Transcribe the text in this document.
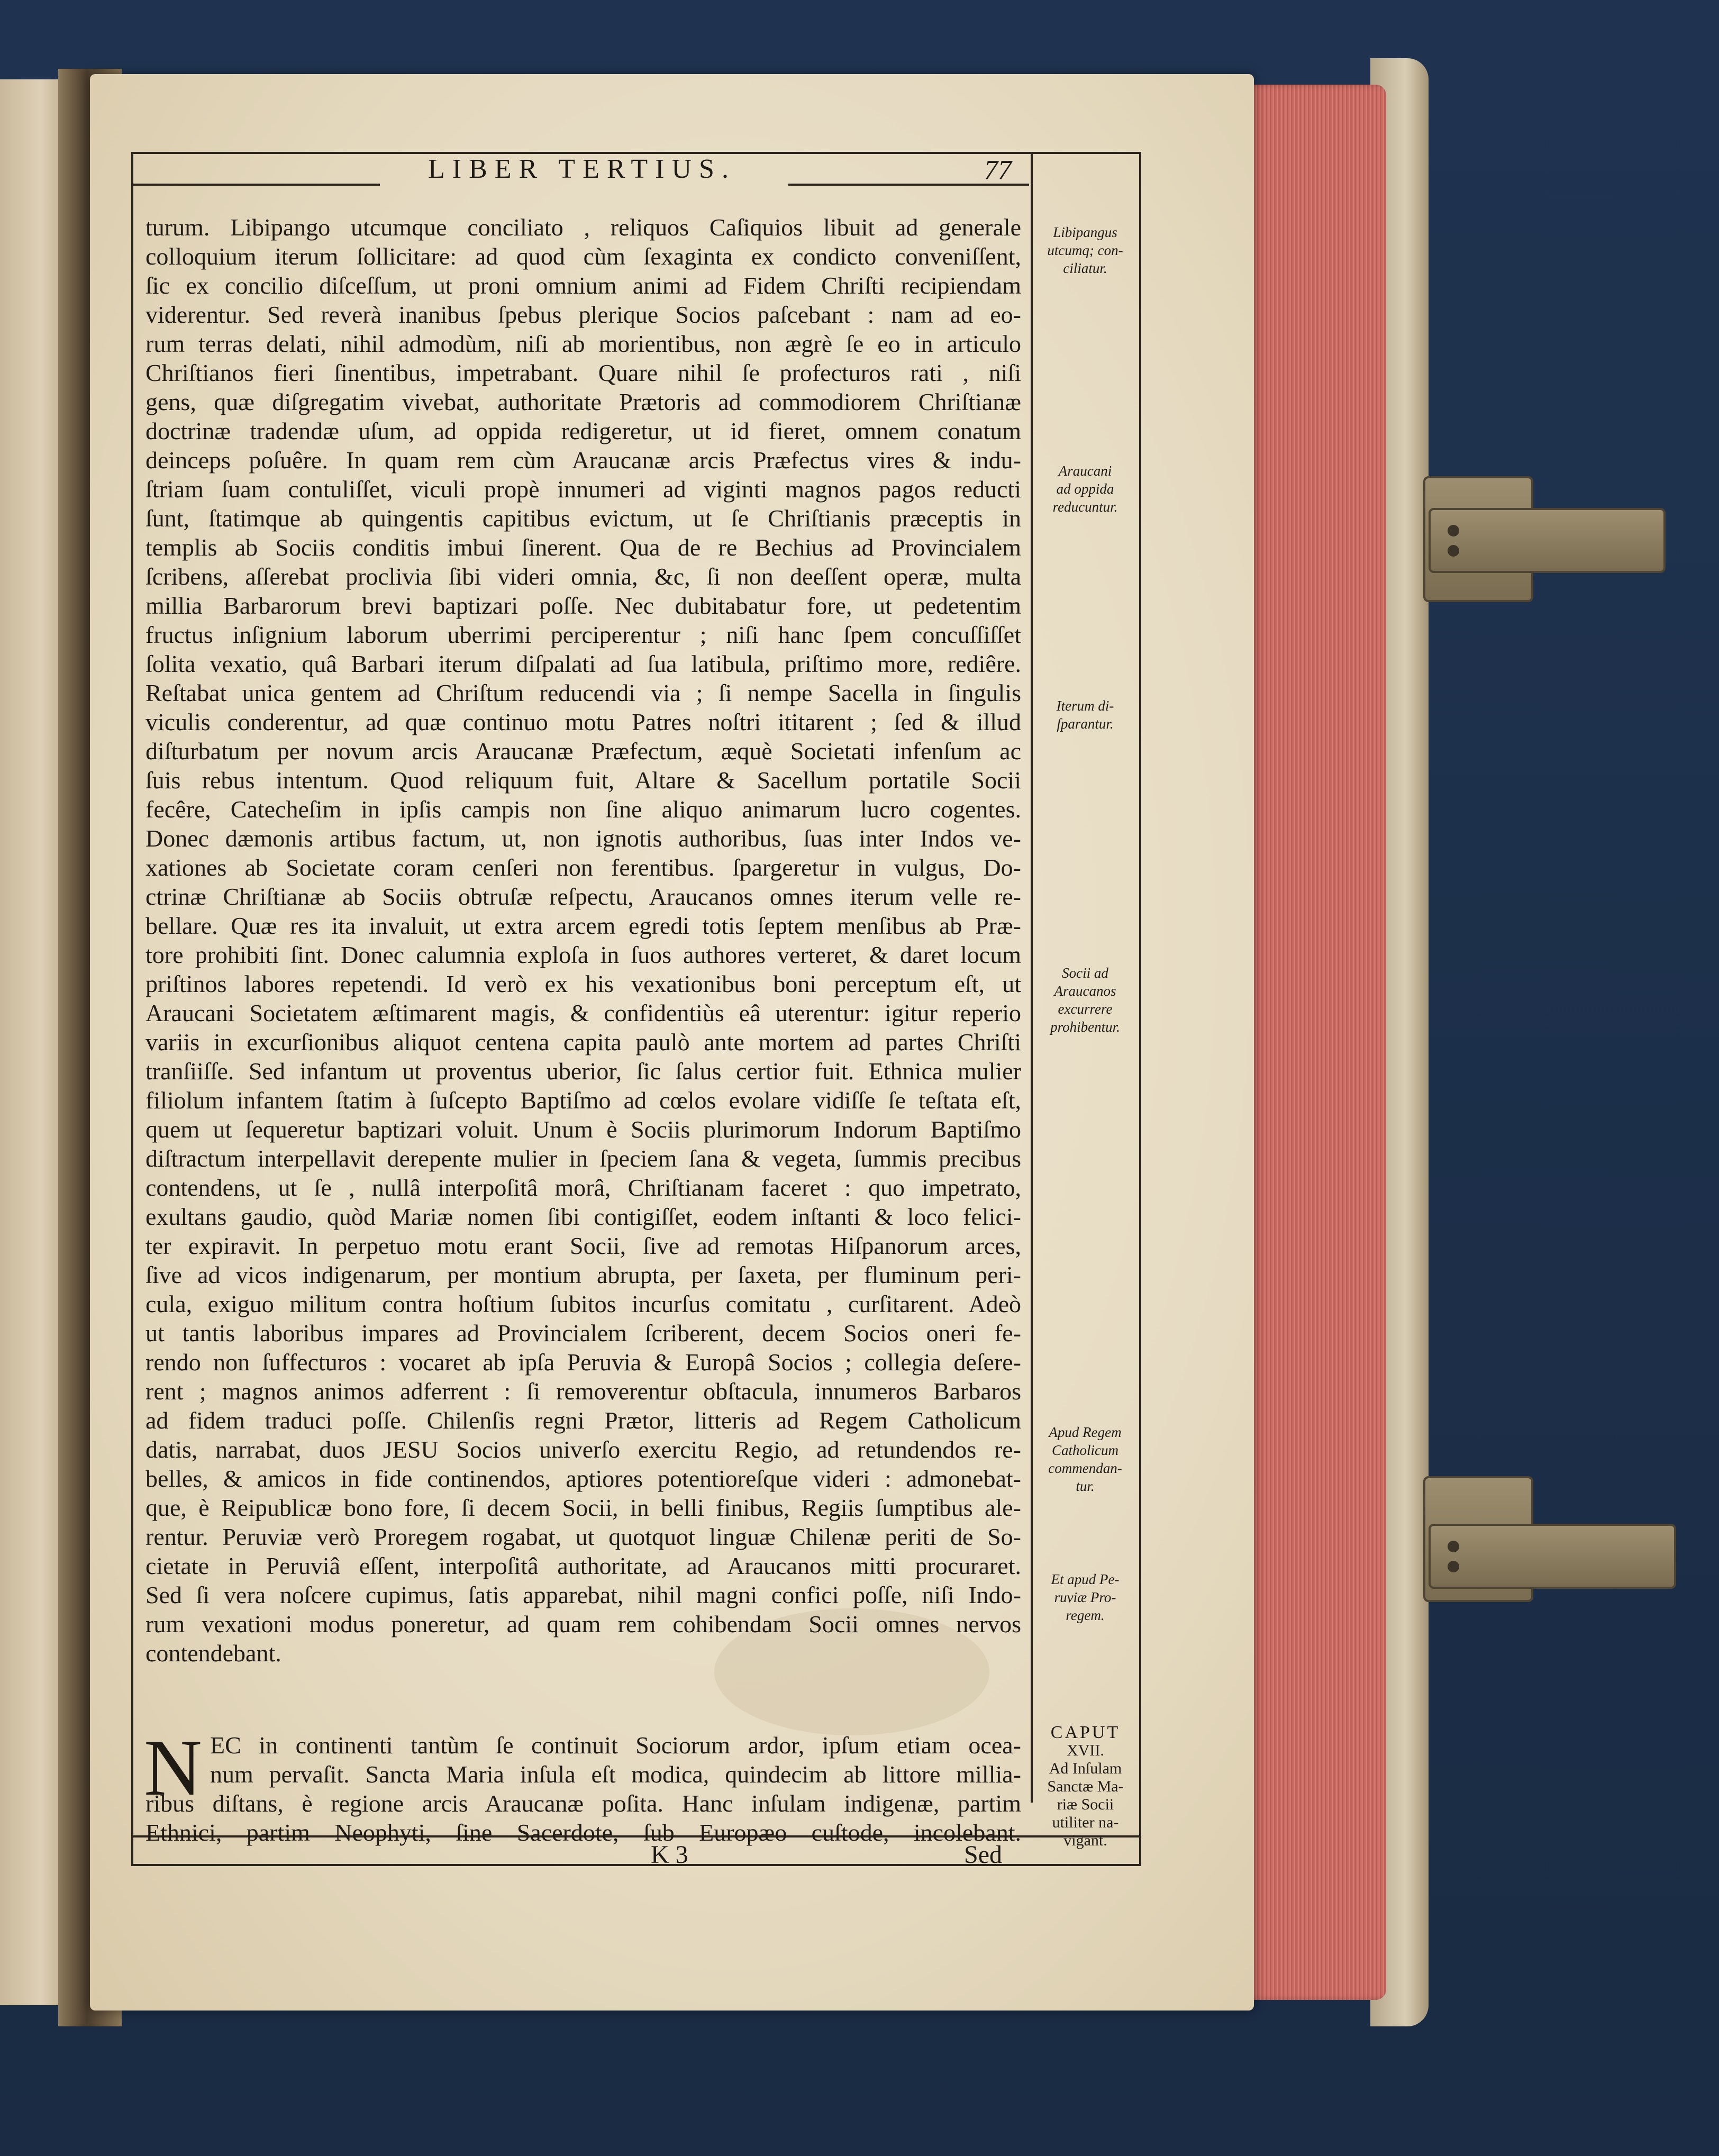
LIBER TERTIUS.	77
turum. Libipango utcumque conciliato , reliquos Caſiquios libuit ad generale
colloquium iterum ſollicitare: ad quod cùm ſexaginta ex condicto conveniſſent,
ſic ex concilio diſceſſum, ut proni omnium animi ad Fidem Chriſti recipiendam
viderentur. Sed reverà inanibus ſpebus plerique Socios paſcebant : nam ad eo-
rum terras delati, nihil admodùm, niſi ab morientibus, non ægrè ſe eo in articulo
Chriſtianos fieri ſinentibus, impetrabant. Quare nihil ſe profecturos rati , niſi
gens, quæ diſgregatim vivebat, authoritate Prætoris ad commodiorem Chriſtianæ
doctrinæ tradendæ uſum, ad oppida redigeretur, ut id fieret, omnem conatum
deinceps poſuêre. In quam rem cùm Araucanæ arcis Præfectus vires & indu-
ſtriam ſuam contuliſſet, viculi propè innumeri ad viginti magnos pagos reducti
ſunt, ſtatimque ab quingentis capitibus evictum, ut ſe Chriſtianis præceptis in
templis ab Sociis conditis imbui ſinerent. Qua de re Bechius ad Provincialem
ſcribens, aſſerebat proclivia ſibi videri omnia, &c, ſi non deeſſent operæ, multa
millia Barbarorum brevi baptizari poſſe. Nec dubitabatur fore, ut pedetentim
fructus inſignium laborum uberrimi perciperentur ; niſi hanc ſpem concuſſiſſet
ſolita vexatio, quâ Barbari iterum diſpalati ad ſua latibula, priſtimo more, rediêre.
Reſtabat unica gentem ad Chriſtum reducendi via ; ſi nempe Sacella in ſingulis
viculis conderentur, ad quæ continuo motu Patres noſtri ititarent ; ſed & illud
diſturbatum per novum arcis Araucanæ Præfectum, æquè Societati infenſum ac
ſuis rebus intentum. Quod reliquum fuit, Altare & Sacellum portatile Socii
fecêre, Catecheſim in ipſis campis non ſine aliquo animarum lucro cogentes.
Donec dæmonis artibus factum, ut, non ignotis authoribus, ſuas inter Indos ve-
xationes ab Societate coram cenſeri non ferentibus. ſpargeretur in vulgus, Do-
ctrinæ Chriſtianæ ab Sociis obtruſæ reſpectu, Araucanos omnes iterum velle re-
bellare. Quæ res ita invaluit, ut extra arcem egredi totis ſeptem menſibus ab Præ-
tore prohibiti ſint. Donec calumnia exploſa in ſuos authores verteret, & daret locum
priſtinos labores repetendi. Id verò ex his vexationibus boni perceptum eſt, ut
Araucani Societatem æſtimarent magis, & confidentiùs eâ uterentur: igitur reperio
variis in excurſionibus aliquot centena capita paulò ante mortem ad partes Chriſti
tranſiiſſe. Sed infantum ut proventus uberior, ſic ſalus certior fuit. Ethnica mulier
filiolum infantem ſtatim à ſuſcepto Baptiſmo ad cœlos evolare vidiſſe ſe teſtata eſt,
quem ut ſequeretur baptizari voluit. Unum è Sociis plurimorum Indorum Baptiſmo
diſtractum interpellavit derepente mulier in ſpeciem ſana & vegeta, ſummis precibus
contendens, ut ſe , nullâ interpoſitâ morâ, Chriſtianam faceret : quo impetrato,
exultans gaudio, quòd Mariæ nomen ſibi contigiſſet, eodem inſtanti & loco felici-
ter expiravit. In perpetuo motu erant Socii, ſive ad remotas Hiſpanorum arces,
ſive ad vicos indigenarum, per montium abrupta, per ſaxeta, per fluminum peri-
cula, exiguo militum contra hoſtium ſubitos incurſus comitatu , curſitarent. Adeò
ut tantis laboribus impares ad Provincialem ſcriberent, decem Socios oneri fe-
rendo non ſuffecturos : vocaret ab ipſa Peruvia & Europâ Socios ; collegia deſere-
rent ; magnos animos adferrent : ſi removerentur obſtacula, innumeros Barbaros
ad fidem traduci poſſe. Chilenſis regni Prætor, litteris ad Regem Catholicum
datis, narrabat, duos JESU Socios univerſo exercitu Regio, ad retundendos re-
belles, & amicos in fide continendos, aptiores potentioreſque videri : admonebat-
que, è Reipublicæ bono fore, ſi decem Socii, in belli finibus, Regiis ſumptibus ale-
rentur. Peruviæ verò Proregem rogabat, ut quotquot linguæ Chilenæ periti de So-
cietate in Peruviâ eſſent, interpoſitâ authoritate, ad Araucanos mitti procuraret.
Sed ſi vera noſcere cupimus, ſatis apparebat, nihil magni confici poſſe, niſi Indo-
rum vexationi modus poneretur, ad quam rem cohibendam Socii omnes nervos
contendebant.
N EC in continenti tantùm ſe continuit Sociorum ardor, ipſum etiam ocea-
num pervaſit. Sancta Maria inſula eſt modica, quindecim ab littore millia-
ribus diſtans, è regione arcis Araucanæ poſita. Hanc inſulam indigenæ, partim
Ethnici, partim Neophyti, ſine Sacerdote, ſub Europæo cuſtode, incolebant.
Libipangus
utcumq; con-
ciliatur.
Araucani
ad oppida
reducuntur.
Iterum di-
ſparantur.
Socii ad
Araucanos
excurrere
prohibentur.
Apud Regem
Catholicum
commendan-
tur.
Et apud Pe-
ruviæ Pro-
regem.
CAPUT
XVII.
Ad Inſulam
Sanctæ Ma-
riæ Socii
utiliter na-
vigant.
K 3	Sed
